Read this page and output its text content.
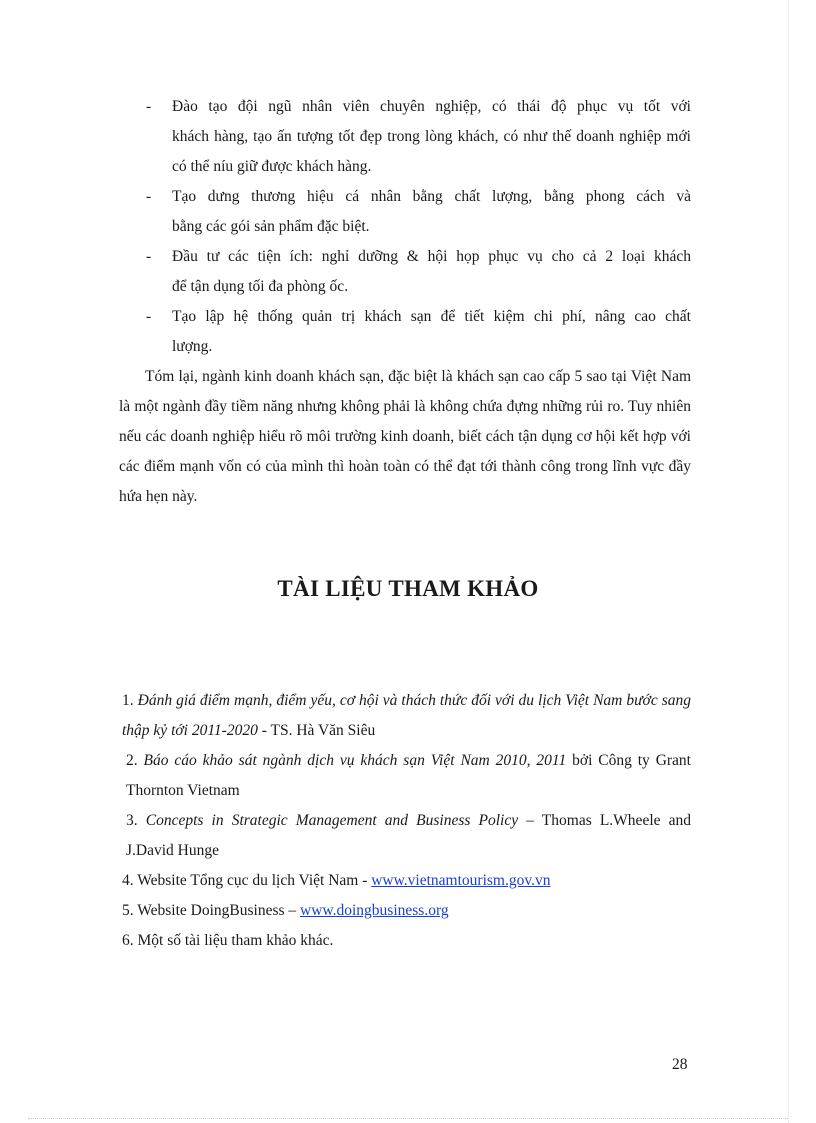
- Đào tạo đội ngũ nhân viên chuyên nghiệp, có thái độ phục vụ tốt với
khách hàng, tạo ấn tượng tốt đẹp trong lòng khách, có như thế doanh nghiệp mới có thể níu giữ được khách hàng.
- Tạo dưng thương hiệu cá nhân bằng chất lượng, bằng phong cách và
bằng các gói sản phẩm đặc biệt.
- Đầu tư các tiện ích: nghỉ dưỡng & hội họp phục vụ cho cả 2 loại khách
để tận dụng tối đa phòng ốc.
- Tạo lập hệ thống quản trị khách sạn để tiết kiệm chi phí, nâng cao chất
lượng.
Tóm lại, ngành kinh doanh khách sạn, đặc biệt là khách sạn cao cấp 5 sao tại Việt Nam là một ngành đầy tiềm năng nhưng không phải là không chứa đựng những rủi ro. Tuy nhiên nếu các doanh nghiệp hiểu rõ môi trường kinh doanh, biết cách tận dụng cơ hội kết hợp với các điểm mạnh vốn có của mình thì hoàn toàn có thể đạt tới thành công trong lĩnh vực đầy hứa hẹn này.
TÀI LIỆU THAM KHẢO
1. Đánh giá điểm mạnh, điểm yếu, cơ hội và thách thức đối với du lịch Việt Nam bước sang thập kỷ tới 2011-2020 - TS. Hà Văn Siêu
2. Báo cáo khảo sát ngành dịch vụ khách sạn Việt Nam 2010, 2011 bởi Công ty Grant Thornton Vietnam
3. Concepts in Strategic Management and Business Policy – Thomas L.Wheele and J.David Hunge
4. Website Tổng cục du lịch Việt Nam - www.vietnamtourism.gov.vn
5. Website DoingBusiness – www.doingbusiness.org
6. Một số tài liệu tham khảo khác.
28
